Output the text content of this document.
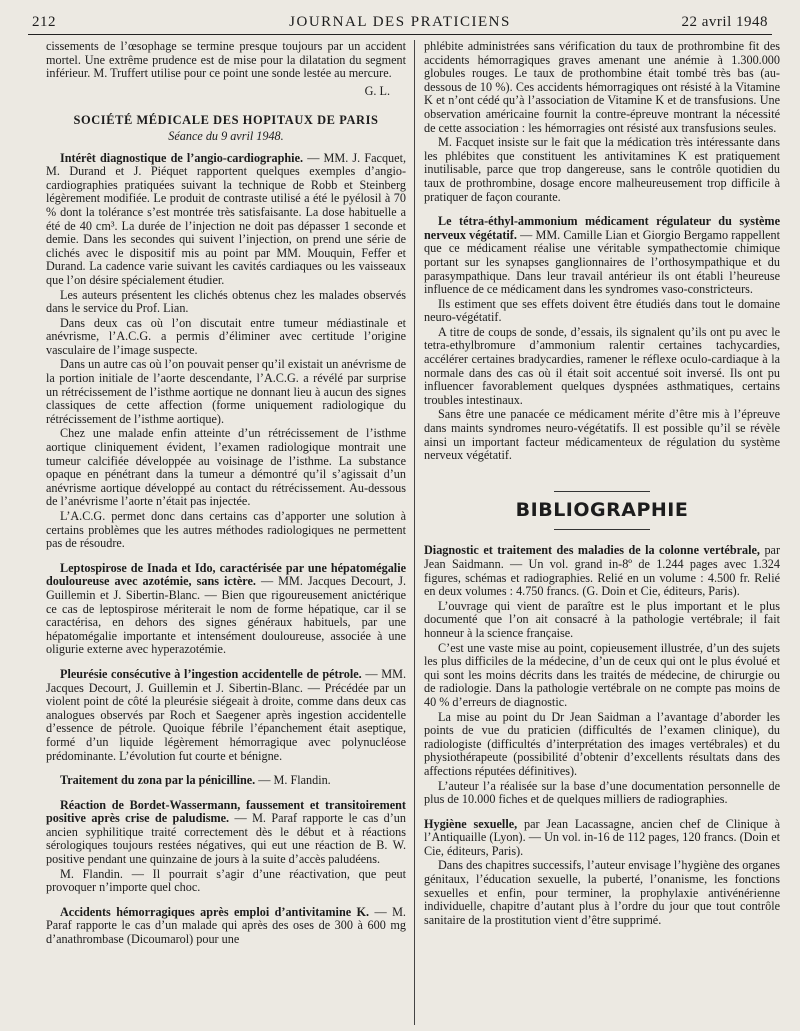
212	JOURNAL DES PRATICIENS	22 avril 1948

cissements de l’œsophage se termine presque toujours par un accident mortel. Une extrême prudence est de mise pour la dilatation du segment inférieur. M. Truffert utilise pour ce point une sonde lestée au mercure.

G. L.
SOCIÉTÉ MÉDICALE DES HOPITAUX DE PARIS
Séance du 9 avril 1948.

Intérêt diagnostique de l’angio-cardiographie. — MM. J. Facquet, M. Durand et J. Piéquet rapportent quelques exemples d’angio-cardiographies pratiquées suivant la technique de Robb et Steinberg légèrement modifiée. Le produit de contraste utilisé a été le pyélosil à 70 % dont la tolérance s’est montrée très satisfaisante. La dose habituelle a été de 40 cm³. La durée de l’injection ne doit pas dépasser 1 seconde et demie. Dans les secondes qui suivent l’injection, on prend une série de clichés avec le dispositif mis au point par MM. Mouquin, Feffer et Durand. La cadence varie suivant les cavités cardiaques ou les vaisseaux que l’on désire spécialement étudier.

Les auteurs présentent les clichés obtenus chez les malades observés dans le service du Prof. Lian.

Dans deux cas où l’on discutait entre tumeur médiastinale et anévrisme, l’A.C.G. a permis d’éliminer avec certitude l’origine vasculaire de l’image suspecte.

Dans un autre cas où l’on pouvait penser qu’il existait un anévrisme de la portion initiale de l’aorte descendante, l’A.C.G. a révélé par surprise un rétrécissement de l’isthme aortique ne donnant lieu à aucun des signes classiques de cette affection (forme uniquement radiologique du rétrécissement de l’isthme aortique).

Chez une malade enfin atteinte d’un rétrécissement de l’isthme aortique cliniquement évident, l’examen radiologique montrait une tumeur calcifiée développée au voisinage de l’isthme. La substance opaque en pénétrant dans la tumeur a démontré qu’il s’agissait d’un anévrisme aortique développé au contact du rétrécissement. Au-dessous de l’anévrisme l’aorte n’était pas injectée.

L’A.C.G. permet donc dans certains cas d’apporter une solution à certains problèmes que les autres méthodes radiologiques ne permettent pas de résoudre.

Leptospirose de Inada et Ido, caractérisée par une hépatomégalie douloureuse avec azotémie, sans ictère. — MM. Jacques Decourt, J. Guillemin et J. Sibertin-Blanc. — Bien que rigoureusement anictérique ce cas de leptospirose mériterait le nom de forme hépatique, car il se caractérisa, en dehors des signes généraux habituels, par une hépatomégalie importante et intensément douloureuse, associée à une oligurie externe avec hyperazotémie.

Pleurésie consécutive à l’ingestion accidentelle de pétrole. — MM. Jacques Decourt, J. Guillemin et J. Sibertin-Blanc. — Précédée par un violent point de côté la pleurésie siégeait à droite, comme dans deux cas analogues observés par Roch et Saegener après ingestion accidentelle d’essence de pétrole. Quoique fébrile l’épanchement était aseptique, formé d’un liquide légèrement hémorragique avec polynucléose prédominante. L’évolution fut courte et bénigne.

Traitement du zona par la pénicilline. — M. Flandin.

Réaction de Bordet-Wassermann, faussement et transitoirement positive après crise de paludisme. — M. Paraf rapporte le cas d’un ancien syphilitique traité correctement dès le début et à réactions sérologiques toujours restées négatives, qui eut une réaction de B. W. positive pendant une quinzaine de jours à la suite d’accès paludéens.

M. Flandin. — Il pourrait s’agir d’une réactivation, que peut provoquer n’importe quel choc.

Accidents hémorragiques après emploi d’antivitamine K. — M. Paraf rapporte le cas d’un malade qui après des oses de 300 à 600 mg d’anathrombase (Dicoumarol) pour une

phlébite administrées sans vérification du taux de prothrombine fit des accidents hémorragiques graves amenant une anémie à 1.300.000 globules rouges. Le taux de prothombine était tombé très bas (au-dessous de 10 %). Ces accidents hémorragiques ont résisté à la Vitamine K et n’ont cédé qu’à l’association de Vitamine K et de transfusions. Une observation américaine fournit la contre-épreuve montrant la nécessité de cette association : les hémorragies ont résisté aux transfusions seules.

M. Facquet insiste sur le fait que la médication très intéressante dans les phlébites que constituent les antivitamines K est pratiquement inutilisable, parce que trop dangereuse, sans le contrôle quotidien du taux de prothrombine, dosage encore malheureusement trop difficile à pratiquer de façon courante.

Le tétra-éthyl-ammonium médicament régulateur du système nerveux végétatif. — MM. Camille Lian et Giorgio Bergamo rappellent que ce médicament réalise une véritable sympathectomie chimique portant sur les synapses ganglionnaires de l’orthosympathique et du parasympathique. Dans leur travail antérieur ils ont établi l’heureuse influence de ce médicament dans les syndromes vaso-constricteurs.

Ils estiment que ses effets doivent être étudiés dans tout le domaine neuro-végétatif.

A titre de coups de sonde, d’essais, ils signalent qu’ils ont pu avec le tetra-ethylbromure d’ammonium ralentir certaines tachycardies, accélérer certaines bradycardies, ramener le réflexe oculo-cardiaque à la normale dans des cas où il était soit accentué soit inversé. Ils ont pu influencer favorablement quelques dyspnées asthmatiques, certains troubles intestinaux.

Sans être une panacée ce médicament mérite d’être mis à l’épreuve dans maints syndromes neuro-végétatifs. Il est possible qu’il se révèle ainsi un important facteur médicamenteux de régulation du système nerveux végétatif.

BIBLIOGRAPHIE

Diagnostic et traitement des maladies de la colonne vertébrale, par Jean Saidmann. — Un vol. grand in-8º de 1.244 pages avec 1.324 figures, schémas et radiographies. Relié en un volume : 4.500 fr. Relié en deux volumes : 4.750 francs. (G. Doin et Cie, éditeurs, Paris).

L’ouvrage qui vient de paraître est le plus important et le plus documenté que l’on ait consacré à la pathologie vertébrale; il fait honneur à la science française.

C’est une vaste mise au point, copieusement illustrée, d’un des sujets les plus difficiles de la médecine, d’un de ceux qui ont le plus évolué et qui sont les moins décrits dans les traités de médecine, de chirurgie ou de radiologie. Dans la pathologie vertébrale on ne compte pas moins de 40 % d’erreurs de diagnostic.

La mise au point du Dr Jean Saidman a l’avantage d’aborder les points de vue du praticien (difficultés de l’examen clinique), du radiologiste (difficultés d’interprétation des images vertébrales) et du physiothérapeute (possibilité d’obtenir d’excellents résultats dans des affections réputées définitives).

L’auteur l’a réalisée sur la base d’une documentation personnelle de plus de 10.000 fiches et de quelques milliers de radiographies.

Hygiène sexuelle, par Jean Lacassagne, ancien chef de Clinique à l’Antiquaille (Lyon). — Un vol. in-16 de 112 pages, 120 francs. (Doin et Cie, éditeurs, Paris).

Dans des chapitres successifs, l’auteur envisage l’hygiène des organes génitaux, l’éducation sexuelle, la puberté, l’onanisme, les fonctions sexuelles et enfin, pour terminer, la prophylaxie antivénérienne individuelle, chapitre d’autant plus à l’ordre du jour que tout contrôle sanitaire de la prostitution vient d’être supprimé.
